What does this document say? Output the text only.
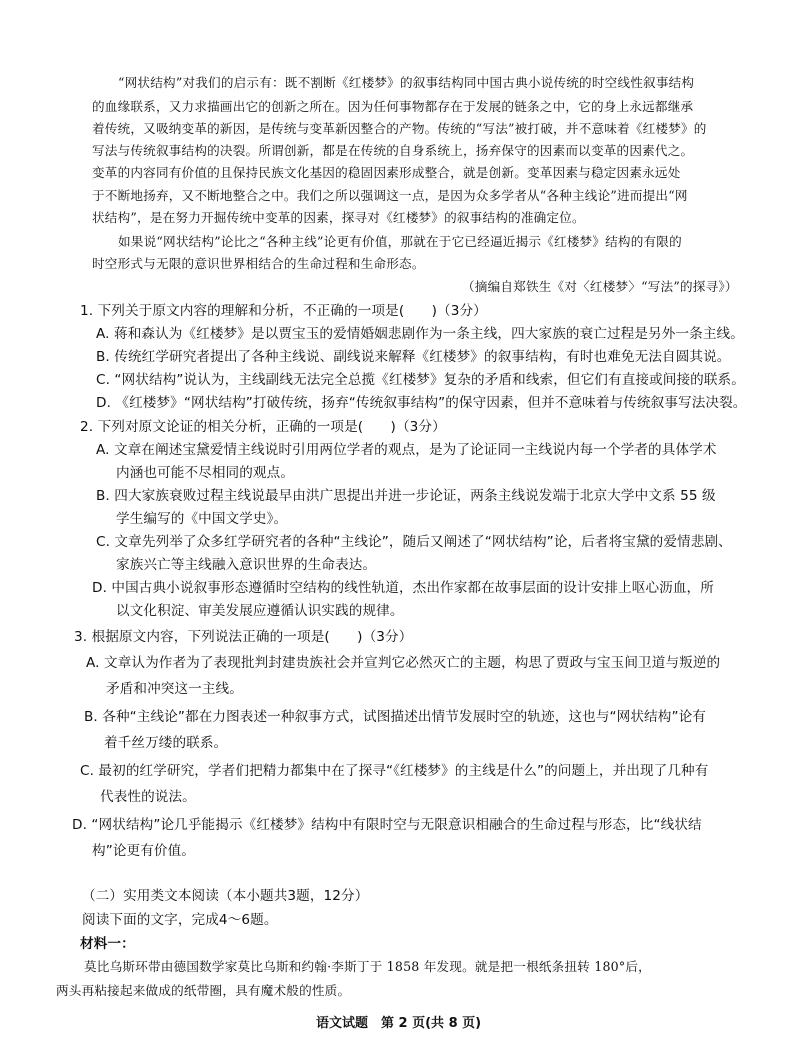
“网状结构”对我们的启示有：既不割断《红楼梦》的叙事结构同中国古典小说传统的时空线性叙事结构

的血缘联系，又力求描画出它的创新之所在。因为任何事物都存在于发展的链条之中，它的身上永远都继承

着传统，又吸纳变革的新因，是传统与变革新因整合的产物。传统的“写法”被打破，并不意味着《红楼梦》的

写法与传统叙事结构的决裂。所谓创新，都是在传统的自身系统上，扬弃保守的因素而以变革的因素代之。

变革的内容同有价值的且保持民族文化基因的稳固因素形成整合，就是创新。变革因素与稳定因素永远处

于不断地扬弃，又不断地整合之中。我们之所以强调这一点，是因为众多学者从“各种主线论”进而提出“网

状结构”，是在努力开掘传统中变革的因素，探寻对《红楼梦》的叙事结构的准确定位。

如果说“网状结构”论比之“各种主线”论更有价值，那就在于它已经逼近揭示《红楼梦》结构的有限的

时空形式与无限的意识世界相结合的生命过程和生命形态。

（摘编自郑铁生《对〈红楼梦〉“写法”的探寻》）

1. 下列关于原文内容的理解和分析，不正确的一项是(　　)（3分）

A. 蒋和森认为《红楼梦》是以贾宝玉的爱情婚姻悲剧作为一条主线，四大家族的衰亡过程是另外一条主线。

B. 传统红学研究者提出了各种主线说、副线说来解释《红楼梦》的叙事结构，有时也难免无法自圆其说。

C. “网状结构”说认为，主线副线无法完全总揽《红楼梦》复杂的矛盾和线索，但它们有直接或间接的联系。

D. 《红楼梦》“网状结构”打破传统，扬弃“传统叙事结构”的保守因素，但并不意味着与传统叙事写法决裂。

2. 下列对原文论证的相关分析，正确的一项是(　　)（3分）

A. 文章在阐述宝黛爱情主线说时引用两位学者的观点，是为了论证同一主线说内每一个学者的具体学术

内涵也可能不尽相同的观点。

B. 四大家族衰败过程主线说最早由洪广思提出并进一步论证，两条主线说发端于北京大学中文系 55 级

学生编写的《中国文学史》。

C. 文章先列举了众多红学研究者的各种“主线论”，随后又阐述了“网状结构”论，后者将宝黛的爱情悲剧、

家族兴亡等主线融入意识世界的生命表达。

D. 中国古典小说叙事形态遵循时空结构的线性轨道，杰出作家都在故事层面的设计安排上呕心沥血，所

以文化积淀、审美发展应遵循认识实践的规律。

3. 根据原文内容，下列说法正确的一项是(　　)（3分）

A. 文章认为作者为了表现批判封建贵族社会并宣判它必然灭亡的主题，构思了贾政与宝玉间卫道与叛逆的

矛盾和冲突这一主线。

B. 各种“主线论”都在力图表述一种叙事方式，试图描述出情节发展时空的轨迹，这也与“网状结构”论有

着千丝万缕的联系。

C. 最初的红学研究，学者们把精力都集中在了探寻“《红楼梦》的主线是什么”的问题上，并出现了几种有

代表性的说法。

D. “网状结构”论几乎能揭示《红楼梦》结构中有限时空与无限意识相融合的生命过程与形态，比“线状结

构”论更有价值。

（二）实用类文本阅读（本小题共3题，12分）

阅读下面的文字，完成4～6题。

材料一：

莫比乌斯环带由德国数学家莫比乌斯和约翰·李斯丁于 1858 年发现。就是把一根纸条扭转 180°后，

两头再粘接起来做成的纸带圈，具有魔术般的性质。

语文试题　第 2 页(共 8 页)
